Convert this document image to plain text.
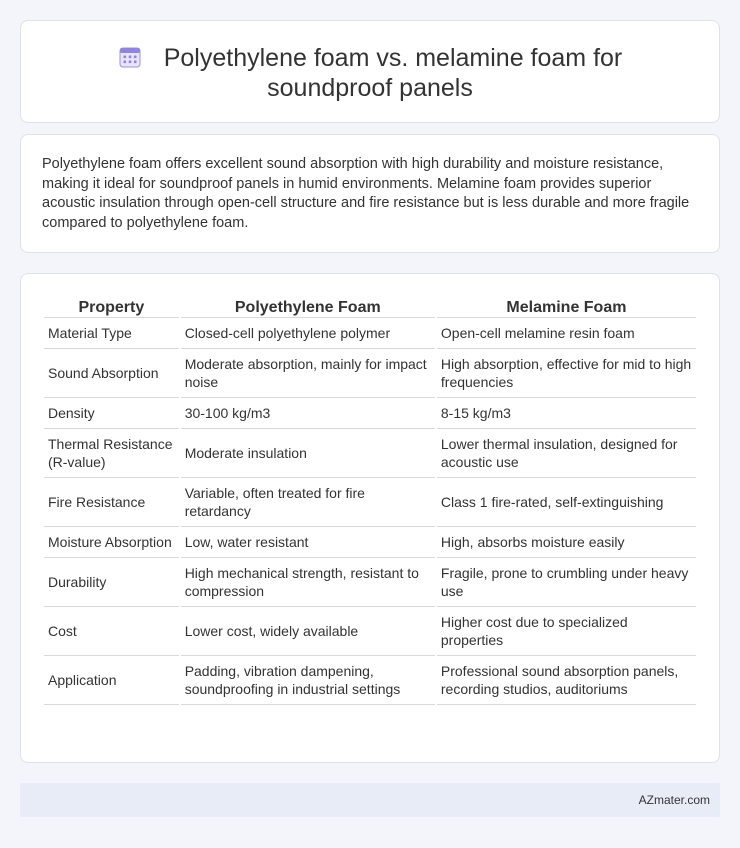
Polyethylene foam vs. melamine foam for soundproof panels

Polyethylene foam offers excellent sound absorption with high durability and moisture resistance, making it ideal for soundproof panels in humid environments. Melamine foam provides superior acoustic insulation through open-cell structure and fire resistance but is less durable and more fragile compared to polyethylene foam.

Property	Polyethylene Foam	Melamine Foam
Material Type	Closed-cell polyethylene polymer	Open-cell melamine resin foam
Sound Absorption	Moderate absorption, mainly for impact noise	High absorption, effective for mid to high frequencies
Density	30-100 kg/m3	8-15 kg/m3
Thermal Resistance (R-value)	Moderate insulation	Lower thermal insulation, designed for acoustic use
Fire Resistance	Variable, often treated for fire retardancy	Class 1 fire-rated, self-extinguishing
Moisture Absorption	Low, water resistant	High, absorbs moisture easily
Durability	High mechanical strength, resistant to compression	Fragile, prone to crumbling under heavy use
Cost	Lower cost, widely available	Higher cost due to specialized properties
Application	Padding, vibration dampening, soundproofing in industrial settings	Professional sound absorption panels, recording studios, auditoriums
AZmater.com
